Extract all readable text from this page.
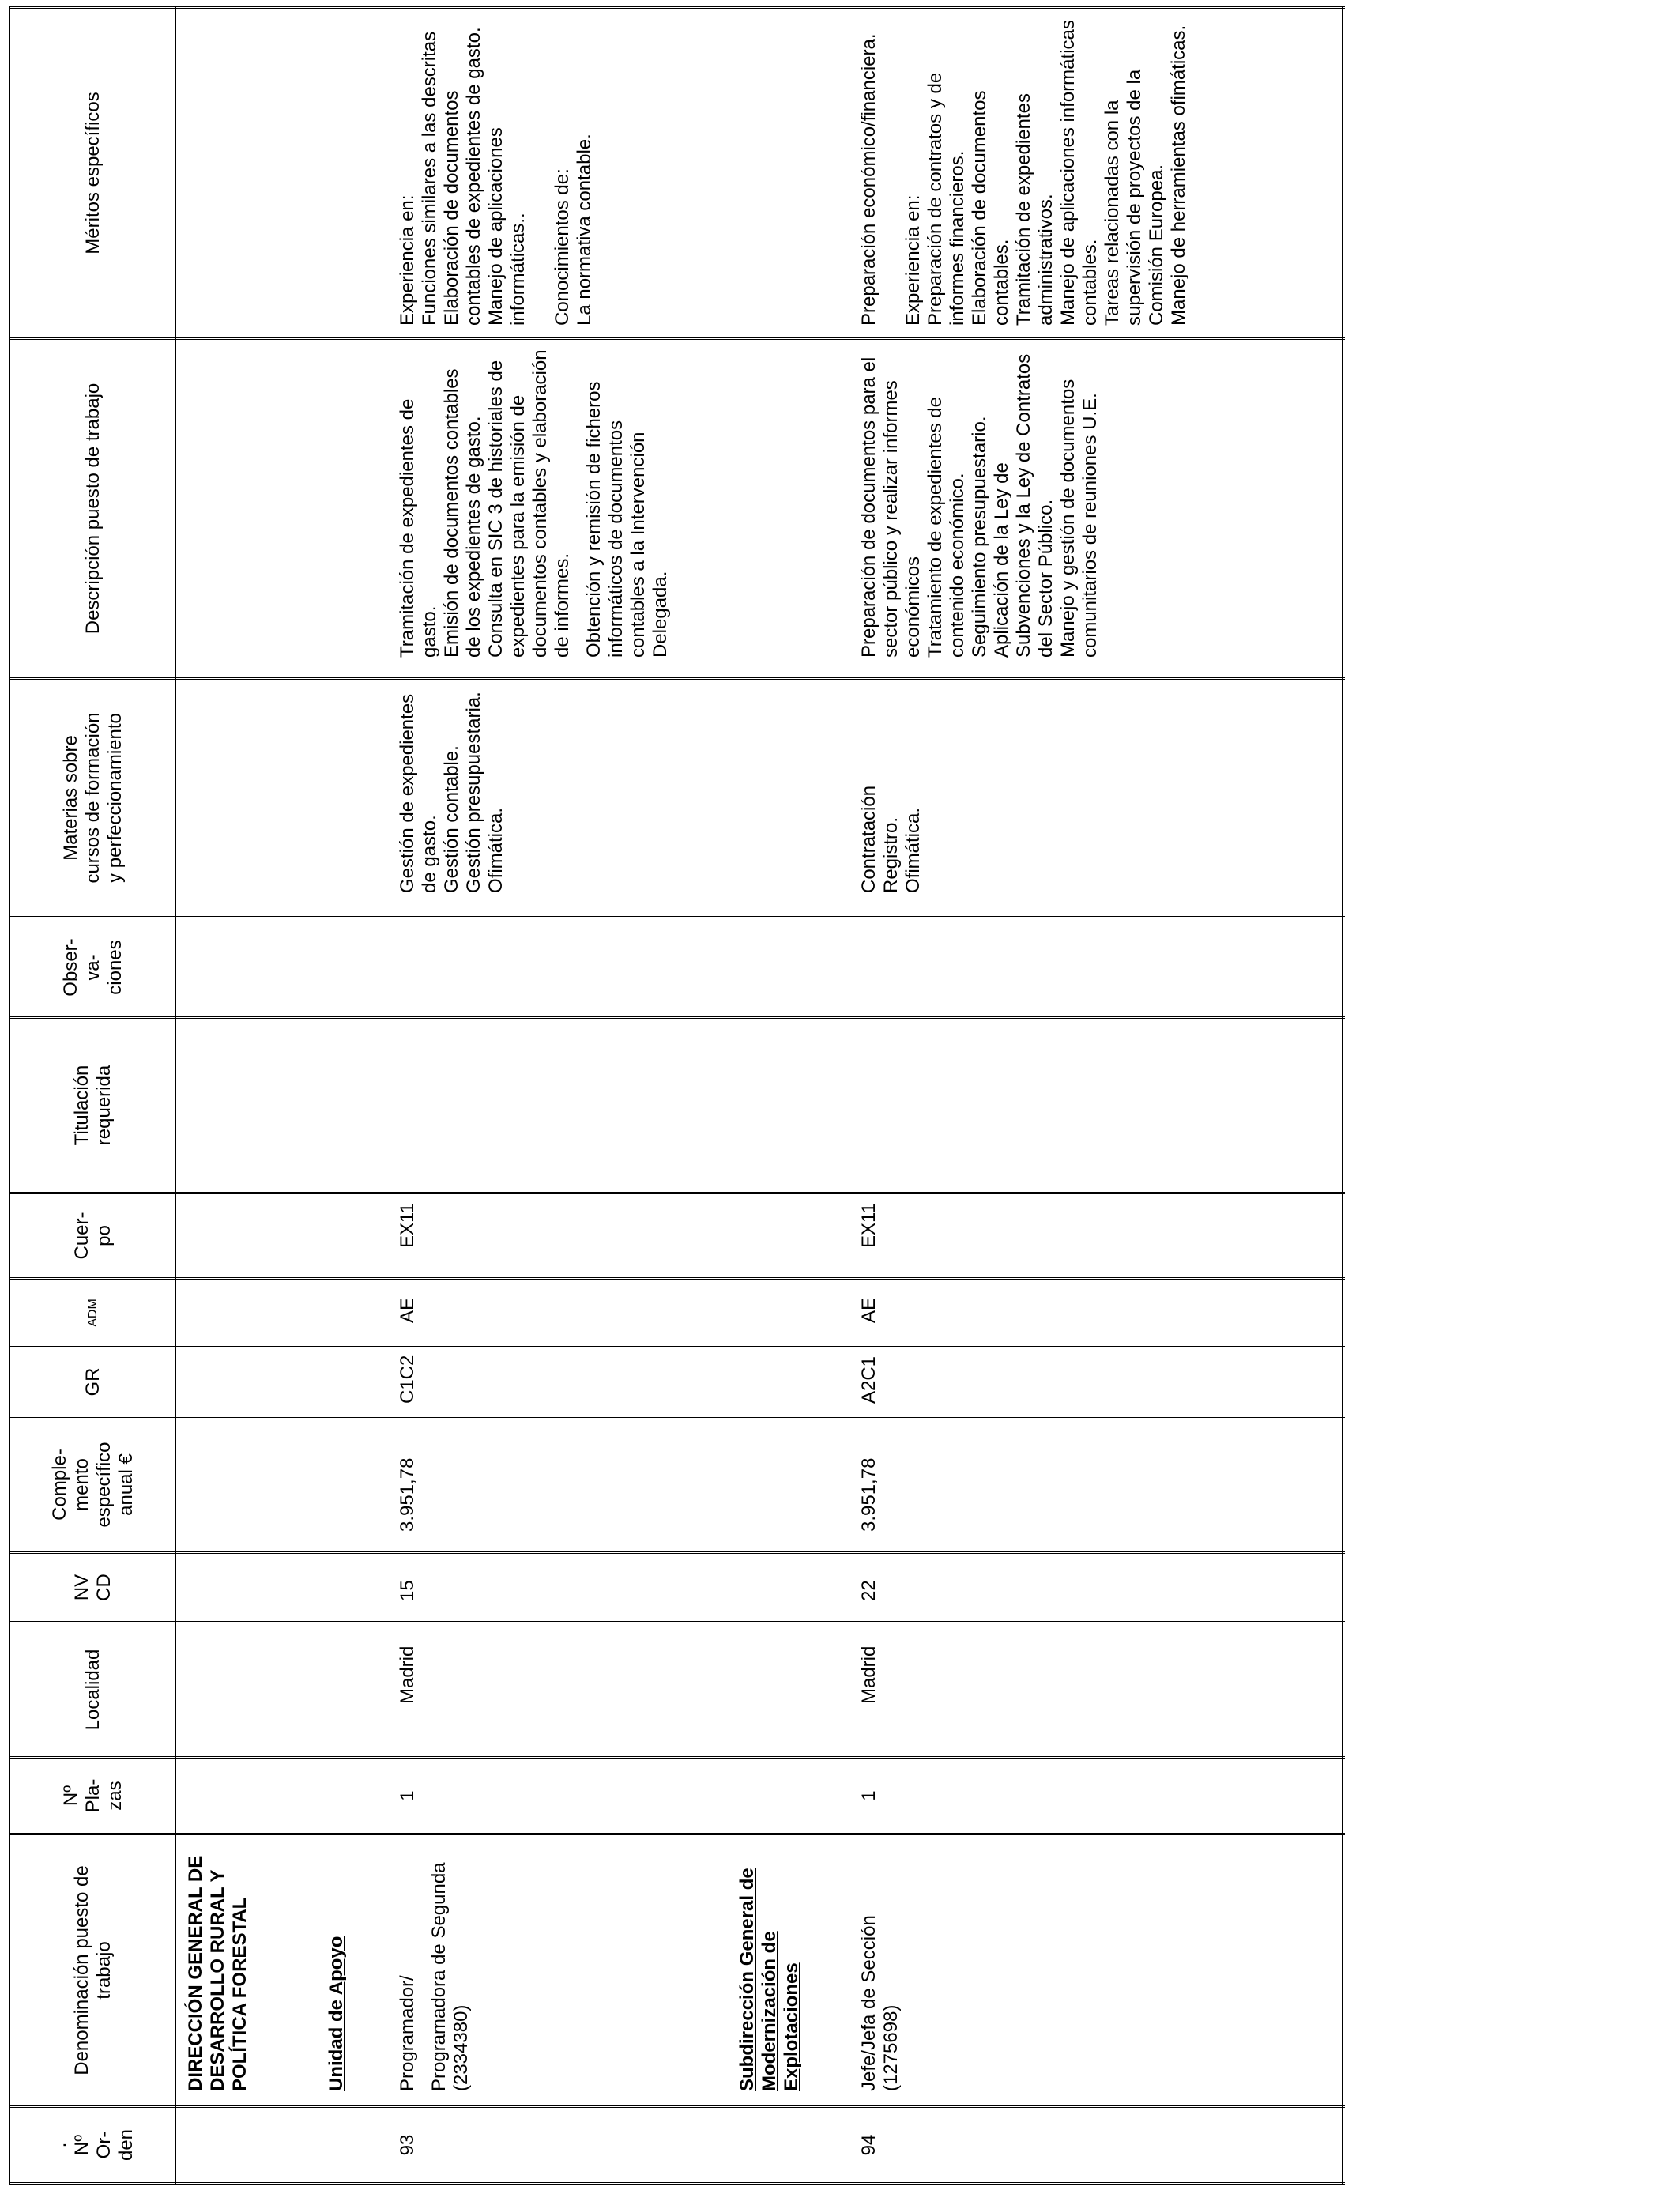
.
Nº
Or-
den
Denominación puesto de
trabajo
Nº
Pla-
zas
Localidad
NV
CD
Comple-
mento
específico
anual €
GR
ADM
Cuer-
po
Titulación
requerida
Obser-
va-
ciones
Materias sobre
cursos de formación
y perfeccionamiento
Descripción puesto de trabajo
Méritos específicos
DIRECCIÓN GENERAL DE DESARROLLO RURAL Y POLÍTICA FORESTAL	Unidad de Apoyo	Subdirección General de Modernización de Explotaciones
93
Programador/ Programadora de Segunda (2334380)
1
Madrid
15
3.951,78
C1C2
AE
EX11
Gestión de expedientes de gasto. Gestión contable. Gestión presupuestaria. Ofimática.
Tramitación de expedientes de gasto. Emisión de documentos contables de los expedientes de gasto. Consulta en SIC 3 de historiales de expedientes para la emisión de documentos contables y elaboración de informes. Obtención y remisión de ficheros informáticos de documentos contables a la Intervención Delegada.
Experiencia en: Funciones similares a las descritas Elaboración de documentos contables de expedientes de gasto. Manejo de aplicaciones informáticas.. Conocimientos de: La normativa contable.
94
Jefe/Jefa de Sección (1275698)
1
Madrid
22
3.951,78
A2C1
AE
EX11
Contratación Registro. Ofimática.
Preparación de documentos para el sector público y realizar informes económicos Tratamiento de expedientes de contenido económico. Seguimiento presupuestario. Aplicación de la Ley de Subvenciones y la Ley de Contratos del Sector Público. Manejo y gestión de documentos comunitarios de reuniones U.E.
Preparación económico/financiera. Experiencia en: Preparación de contratos y de informes financieros. Elaboración de documentos contables. Tramitación de expedientes administrativos. Manejo de aplicaciones informáticas contables. Tareas relacionadas con la supervisión de proyectos de la Comisión Europea. Manejo de herramientas ofimáticas.
